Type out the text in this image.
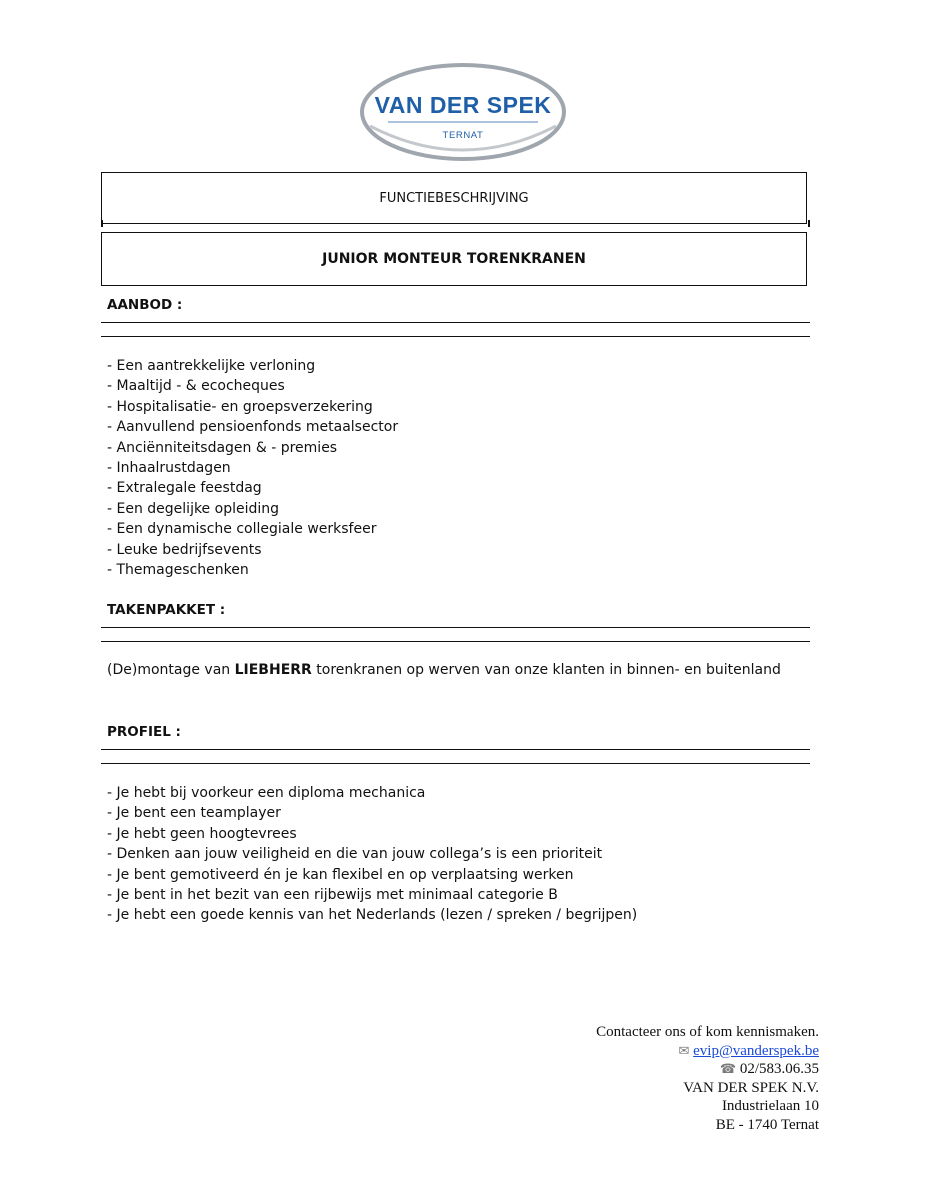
VAN DER SPEK
TERNAT
FUNCTIEBESCHRIJVING
JUNIOR MONTEUR TORENKRANEN
AANBOD :
- Een aantrekkelijke verloning
- Maaltijd - & ecocheques
- Hospitalisatie- en groepsverzekering
- Aanvullend pensioenfonds metaalsector
- Anciënniteitsdagen & - premies
- Inhaalrustdagen
- Extralegale feestdag
- Een degelijke opleiding
- Een dynamische collegiale werksfeer
- Leuke bedrijfsevents
- Themageschenken
TAKENPAKKET :

(De)montage van LIEBHERR torenkranen op werven van onze klanten in binnen- en buitenland

PROFIEL :
- Je hebt bij voorkeur een diploma mechanica
- Je bent een teamplayer
- Je hebt geen hoogtevrees
- Denken aan jouw veiligheid en die van jouw collega’s is een prioriteit
- Je bent gemotiveerd én je kan flexibel en op verplaatsing werken
- Je bent in het bezit van een rijbewijs met minimaal categorie B
- Je hebt een goede kennis van het Nederlands (lezen / spreken / begrijpen)
Contacteer ons of kom kennismaken.
✉ evip@vanderspek.be
☎ 02/583.06.35
VAN DER SPEK N.V.
Industrielaan 10
BE - 1740 Ternat
